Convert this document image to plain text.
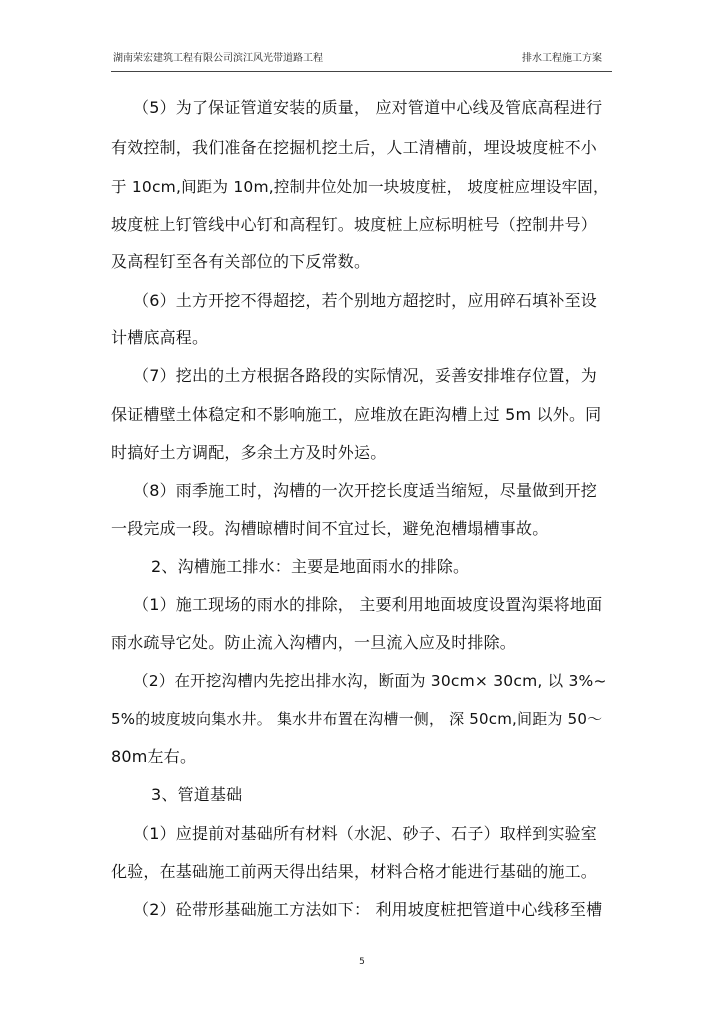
湖南荣宏建筑工程有限公司滨江风光带道路工程	排水工程施工方案
（5）为了保证管道安装的质量， 应对管道中心线及管底高程进行
有效控制，我们准备在挖掘机挖土后，人工清槽前，埋设坡度桩不小
于 10cm,间距为 10m,控制井位处加一块坡度桩， 坡度桩应埋设牢固，
坡度桩上钉管线中心钉和高程钉。坡度桩上应标明桩号（控制井号）
及高程钉至各有关部位的下反常数。
（6）土方开挖不得超挖，若个别地方超挖时，应用碎石填补至设
计槽底高程。
（7）挖出的土方根据各路段的实际情况，妥善安排堆存位置，为
保证槽壁土体稳定和不影响施工，应堆放在距沟槽上过 5m 以外。同
时搞好土方调配，多余土方及时外运。
（8）雨季施工时，沟槽的一次开挖长度适当缩短，尽量做到开挖
一段完成一段。沟槽晾槽时间不宜过长，避免泡槽塌槽事故。
2、沟槽施工排水：主要是地面雨水的排除。
（1）施工现场的雨水的排除， 主要利用地面坡度设置沟渠将地面
雨水疏导它处。防止流入沟槽内，一旦流入应及时排除。
（2）在开挖沟槽内先挖出排水沟，断面为 30cm× 30cm, 以 3%~
5%的坡度坡向集水井。 集水井布置在沟槽一侧， 深 50cm,间距为 50～
80m左右。
3、管道基础
（1）应提前对基础所有材料（水泥、砂子、石子）取样到实验室
化验，在基础施工前两天得出结果，材料合格才能进行基础的施工。
（2）砼带形基础施工方法如下： 利用坡度桩把管道中心线移至槽
5
